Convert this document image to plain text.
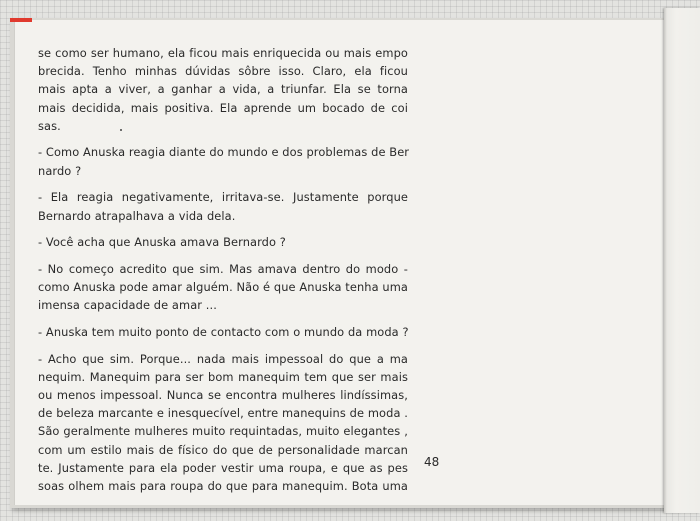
se como ser humano, ela ficou mais enriquecida ou mais empo
brecida. Tenho minhas dúvidas sôbre isso. Claro, ela ficou
mais apta a viver, a ganhar a vida, a triunfar. Ela se torna
mais decidida, mais positiva. Ela aprende um bocado de coi
sas.
- Como Anuska reagia diante do mundo e dos problemas de Ber
nardo ?
- Ela reagia negativamente, irritava-se. Justamente porque
Bernardo atrapalhava a vida dela.
- Você acha que Anuska amava Bernardo ?
- No começo acredito que sim. Mas amava dentro do modo -
como Anuska pode amar alguém. Não é que Anuska tenha uma
imensa capacidade de amar ...
- Anuska tem muito ponto de contacto com o mundo da moda ?
- Acho que sim. Porque... nada mais impessoal do que a ma
nequim. Manequim para ser bom manequim tem que ser mais
ou menos impessoal. Nunca se encontra mulheres lindíssimas,
de beleza marcante e inesquecível, entre manequins de moda .
São geralmente mulheres muito requintadas, muito elegantes ,
com um estilo mais de físico do que de personalidade marcan
te. Justamente para ela poder vestir uma roupa, e que as pes
soas olhem mais para roupa do que para manequim. Bota uma
48
